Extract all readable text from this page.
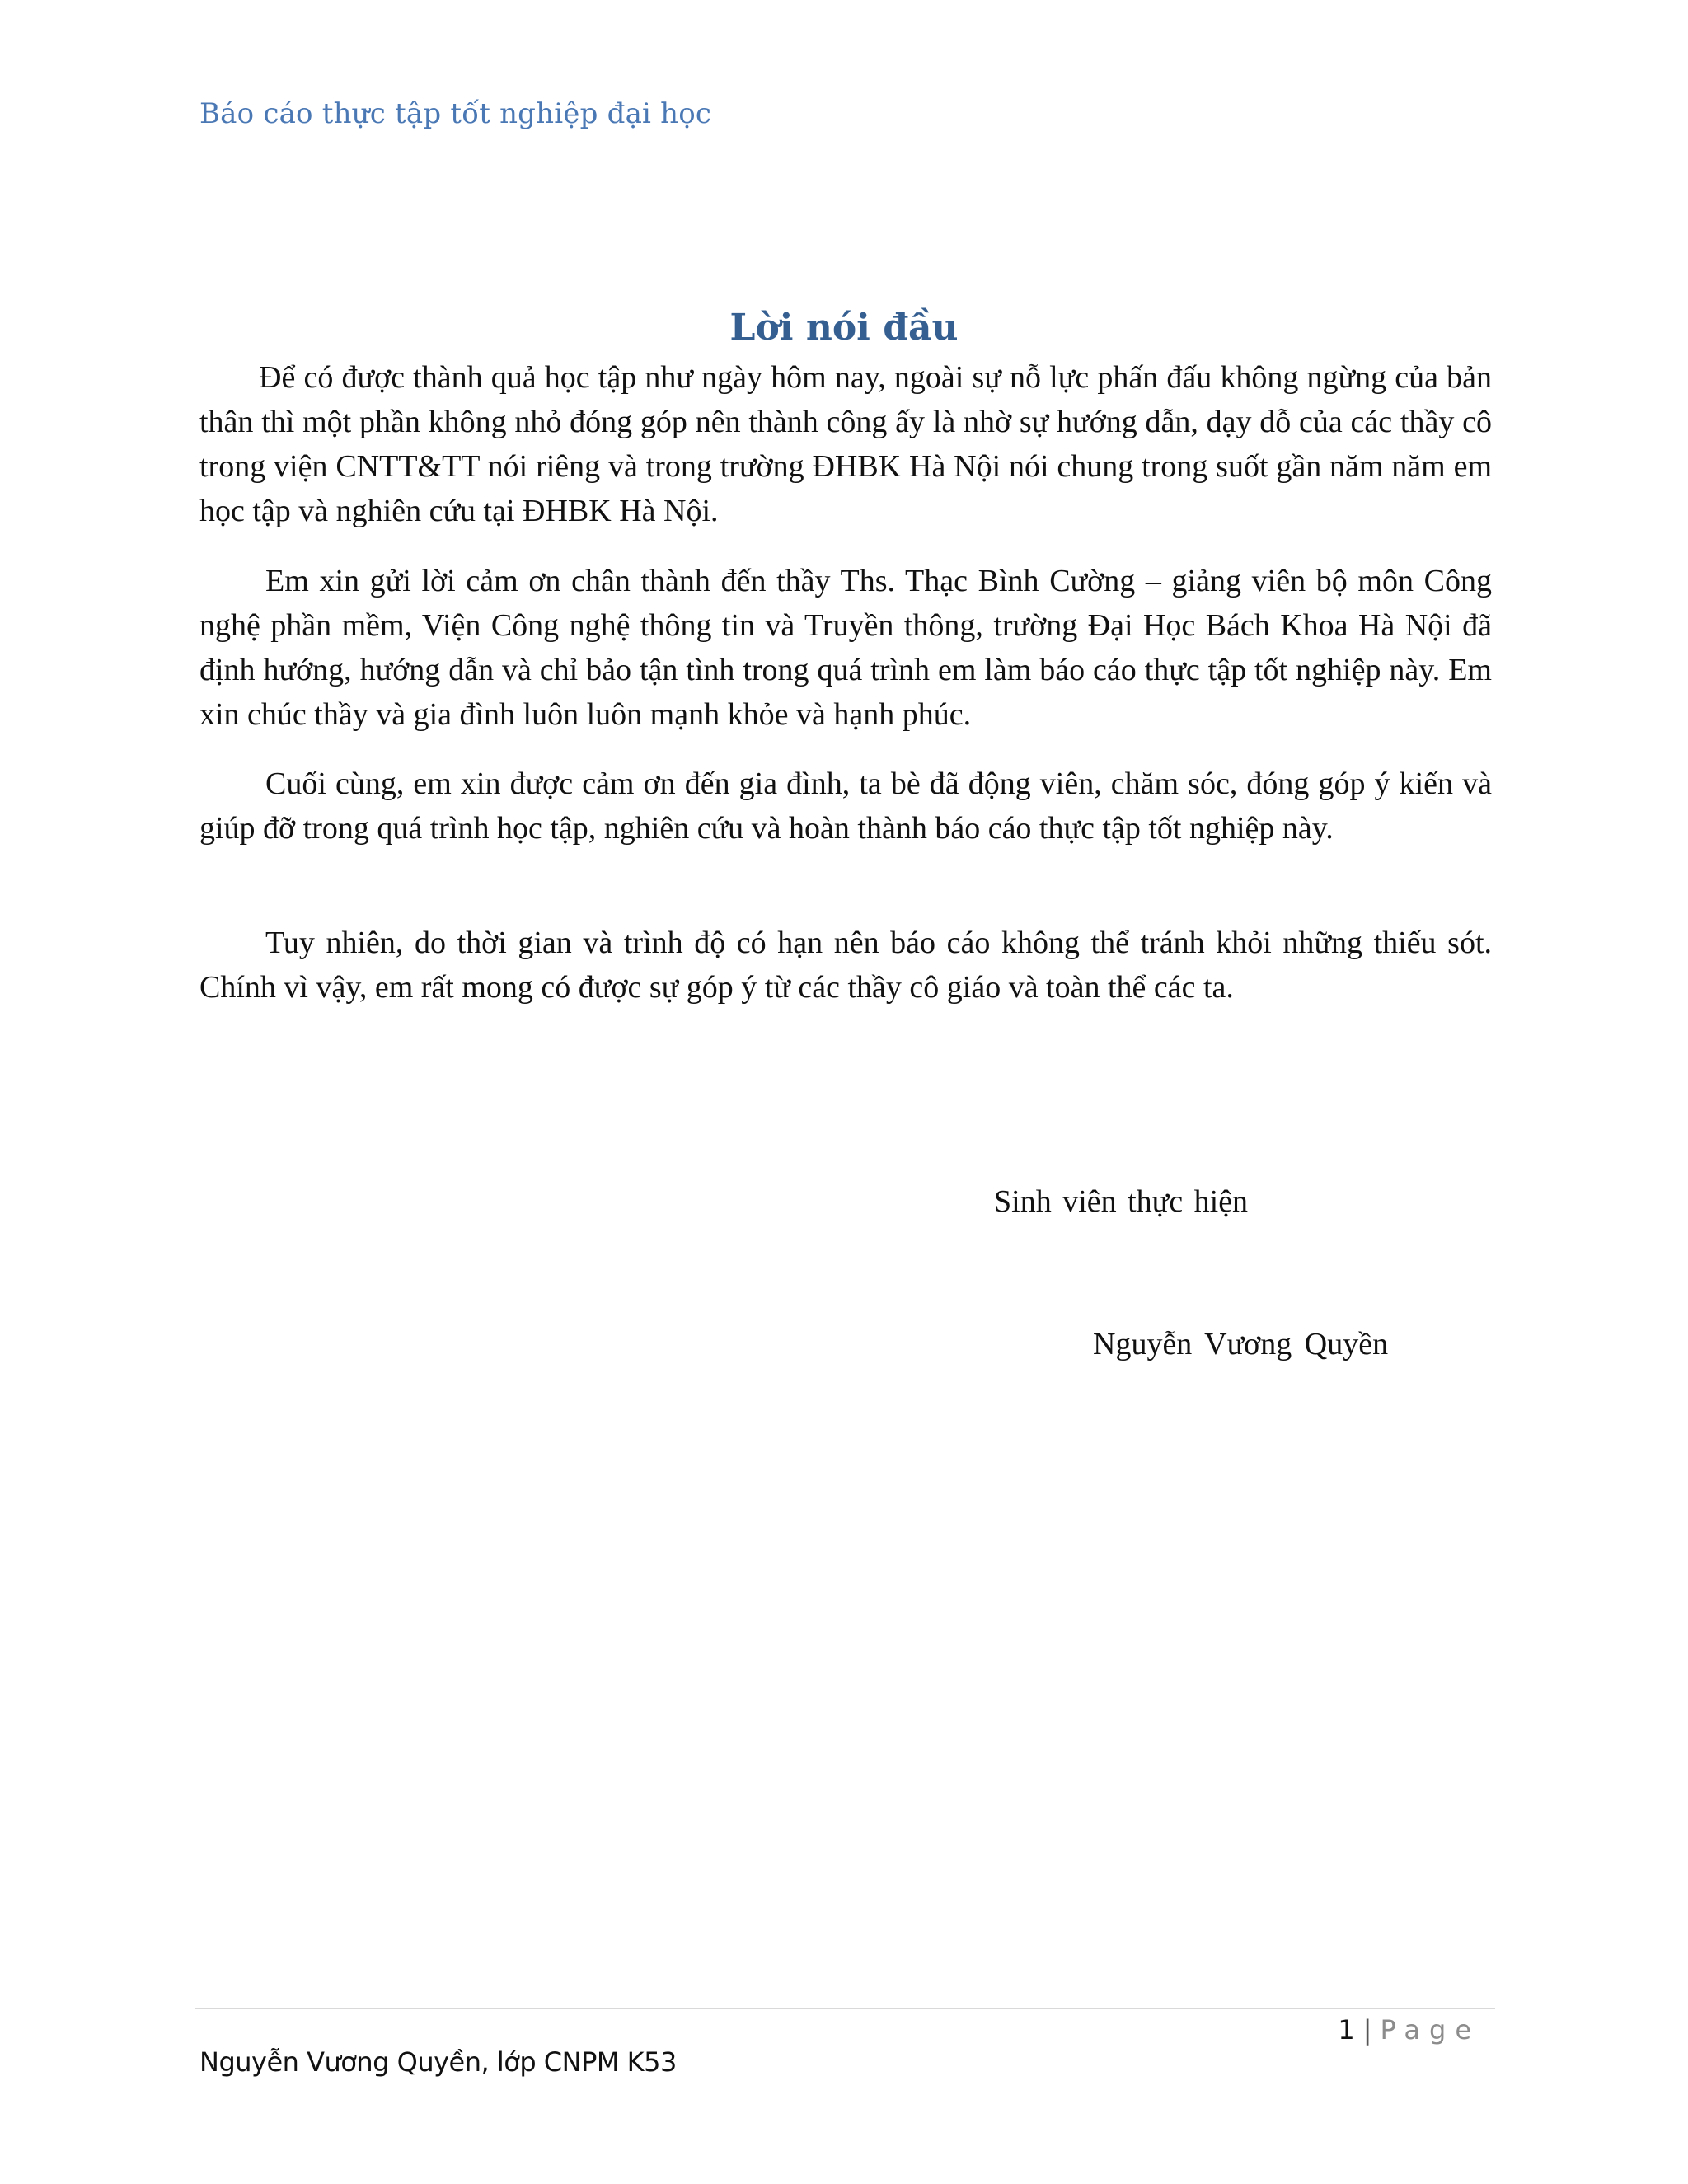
Báo cáo thực tập tốt nghiệp đại học
Lời nói đầu

Để có được thành quả học tập như ngày hôm nay, ngoài sự nỗ lực phấn đấu không ngừng của bản thân thì một phần không nhỏ đóng góp nên thành công ấy là nhờ sự hướng dẫn, dạy dỗ của các thầy cô trong viện CNTT&TT nói riêng và trong trường ĐHBK Hà Nội nói chung trong suốt gần năm năm em học tập và nghiên cứu tại ĐHBK Hà Nội.

Em xin gửi lời cảm ơn chân thành đến thầy Ths. Thạc Bình Cường – giảng viên bộ môn Công nghệ phần mềm, Viện Công nghệ thông tin và Truyền thông, trường Đại Học Bách Khoa Hà Nội đã định hướng, hướng dẫn và chỉ bảo tận tình trong quá trình em làm báo cáo thực tập tốt nghiệp này. Em xin chúc thầy và gia đình luôn luôn mạnh khỏe và hạnh phúc.

Cuối cùng, em xin được cảm ơn đến gia đình, ta bè đã động viên, chăm sóc, đóng góp ý kiến và giúp đỡ trong quá trình học tập, nghiên cứu và hoàn thành báo cáo thực tập tốt nghiệp này.

Tuy nhiên, do thời gian và trình độ có hạn nên báo cáo không thể tránh khỏi những thiếu sót. Chính vì vậy, em rất mong có được sự góp ý từ các thầy cô giáo và toàn thể các ta.

Sinh viên thực hiện
Nguyễn Vương Quyền
1 | Page
Nguyễn Vương Quyền, lớp CNPM K53
